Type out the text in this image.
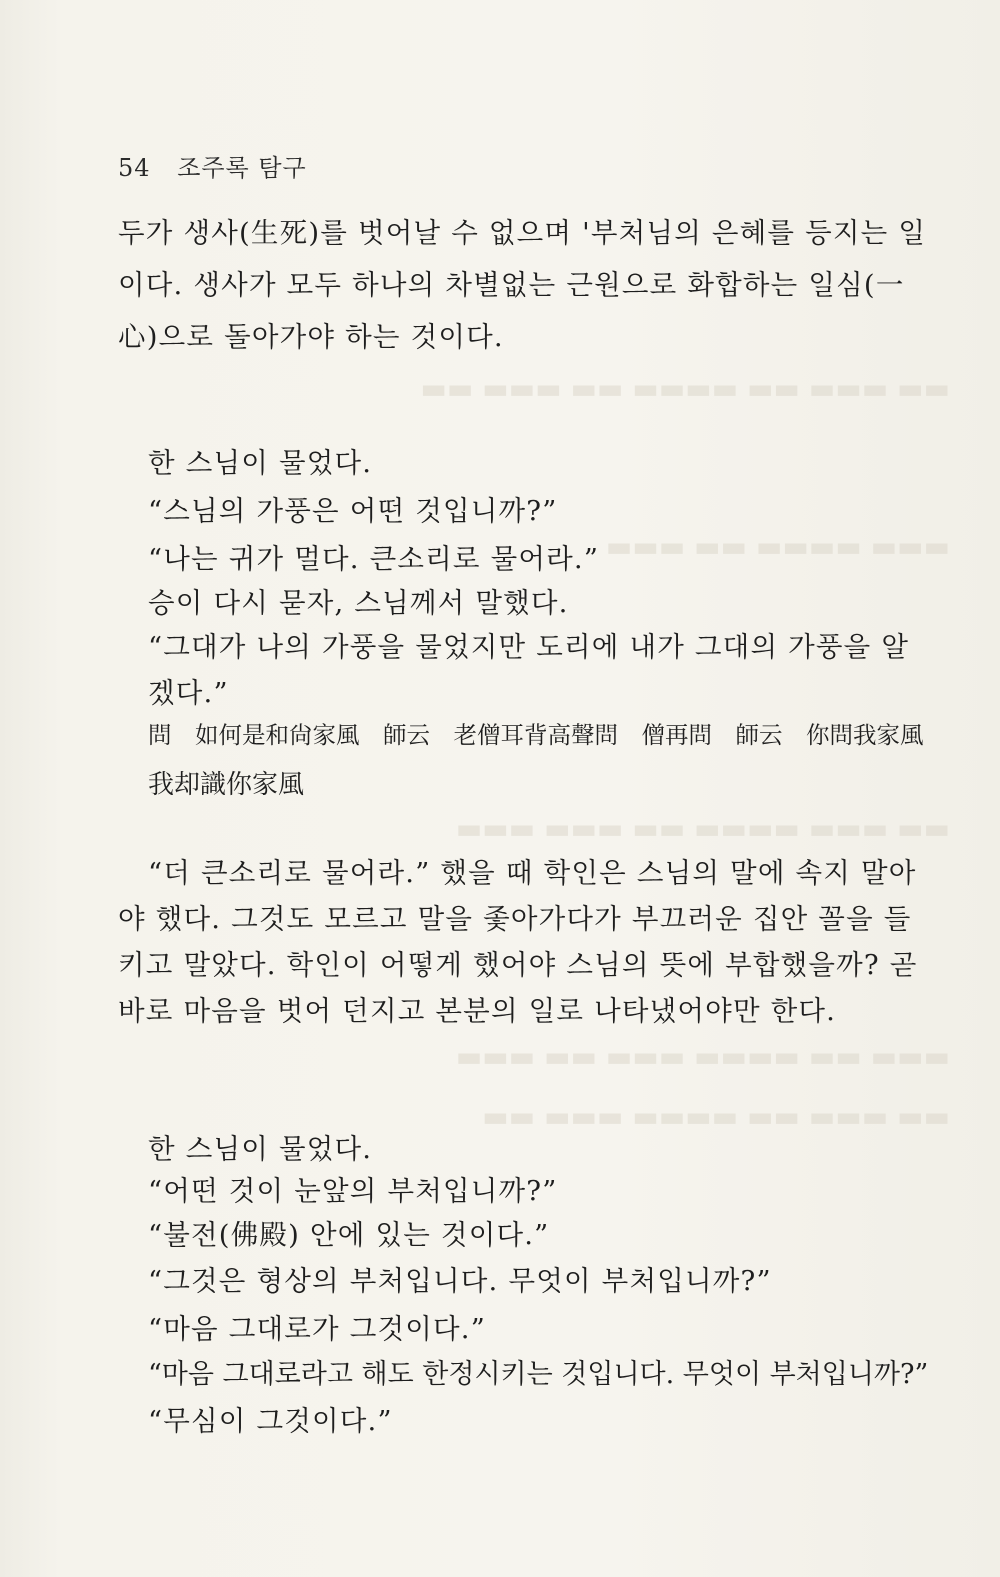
▬▬ ▬▬▬ ▬▬ ▬▬▬▬ ▬▬ ▬▬▬ ▬▬
▬▬▬ ▬▬▬▬ ▬▬ ▬▬▬
▬▬ ▬▬▬ ▬▬▬▬ ▬▬ ▬▬▬ ▬▬▬
▬▬▬ ▬▬ ▬▬▬▬ ▬▬▬ ▬▬ ▬▬▬
▬▬ ▬▬▬ ▬▬ ▬▬▬▬ ▬▬▬ ▬▬
54 조주록 탐구
두가 생사(生死)를 벗어날 수 없으며 '부처님의 은혜를 등지는 일
이다. 생사가 모두 하나의 차별없는 근원으로 화합하는 일심(一
心)으로 돌아가야 하는 것이다.
한 스님이 물었다.
“스님의 가풍은 어떤 것입니까?”
“나는 귀가 멀다. 큰소리로 물어라.”
승이 다시 묻자, 스님께서 말했다.
“그대가 나의 가풍을 물었지만 도리에 내가 그대의 가풍을 알
겠다.”
問　如何是和尙家風　師云　老僧耳背高聲問　僧再問　師云　你問我家風
我却識你家風
“더 큰소리로 물어라.” 했을 때 학인은 스님의 말에 속지 말아
야 했다. 그것도 모르고 말을 좇아가다가 부끄러운 집안 꼴을 들
키고 말았다. 학인이 어떻게 했어야 스님의 뜻에 부합했을까? 곧
바로 마음을 벗어 던지고 본분의 일로 나타냈어야만 한다.
한 스님이 물었다.
“어떤 것이 눈앞의 부처입니까?”
“불전(佛殿) 안에 있는 것이다.”
“그것은 형상의 부처입니다. 무엇이 부처입니까?”
“마음 그대로가 그것이다.”
“마음 그대로라고 해도 한정시키는 것입니다. 무엇이 부처입니까?”
“무심이 그것이다.”
